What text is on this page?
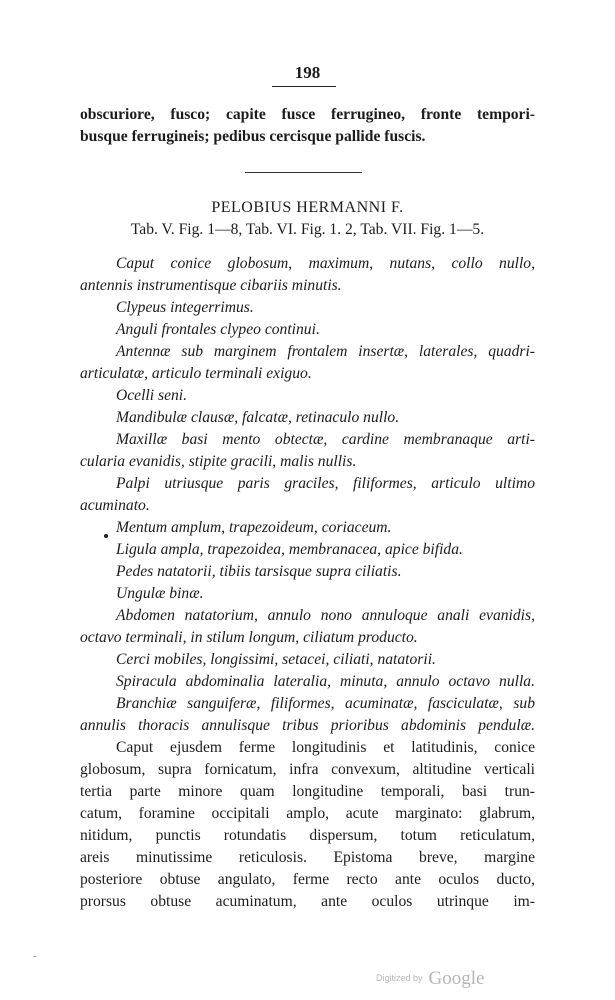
198
obscuriore, fusco; capite fusce ferrugineo, fronte tempori-
busque ferrugineis; pedibus cercisque pallide fuscis.
PELOBIUS HERMANNI F.
Tab. V. Fig. 1—8, Tab. VI. Fig. 1. 2, Tab. VII. Fig. 1—5.
Caput conice globosum, maximum, nutans, collo nullo,
antennis instrumentisque cibariis minutis.
Clypeus integerrimus.
Anguli frontales clypeo continui.
Antennæ sub marginem frontalem insertæ, laterales, quadri-
articulatæ, articulo terminali exiguo.
Ocelli seni.
Mandibulæ clausæ, falcatæ, retinaculo nullo.
Maxillæ basi mento obtectæ, cardine membranaque arti-
cularia evanidis, stipite gracili, malis nullis.
Palpi utriusque paris graciles, filiformes, articulo ultimo
acuminato.
Mentum amplum, trapezoideum, coriaceum.
Ligula ampla, trapezoidea, membranacea, apice bifida.
Pedes natatorii, tibiis tarsisque supra ciliatis.
Ungulæ binæ.
Abdomen natatorium, annulo nono annuloque anali evanidis,
octavo terminali, in stilum longum, ciliatum producto.
Cerci mobiles, longissimi, setacei, ciliati, natatorii.
Spiracula abdominalia lateralia, minuta, annulo octavo nulla.
Branchiæ sanguiferæ, filiformes, acuminatæ, fasciculatæ, sub
annulis thoracis annulisque tribus prioribus abdominis pendulæ.
Caput ejusdem ferme longitudinis et latitudinis, conice
globosum, supra fornicatum, infra convexum, altitudine verticali
tertia parte minore quam longitudine temporali, basi trun-
catum, foramine occipitali amplo, acute marginato: glabrum,
nitidum, punctis rotundatis dispersum, totum reticulatum,
areis minutissime reticulosis. Epistoma breve, margine
posteriore obtuse angulato, ferme recto ante oculos ducto,
prorsus obtuse acuminatum, ante oculos utrinque im-
˜
Digitized by Google
